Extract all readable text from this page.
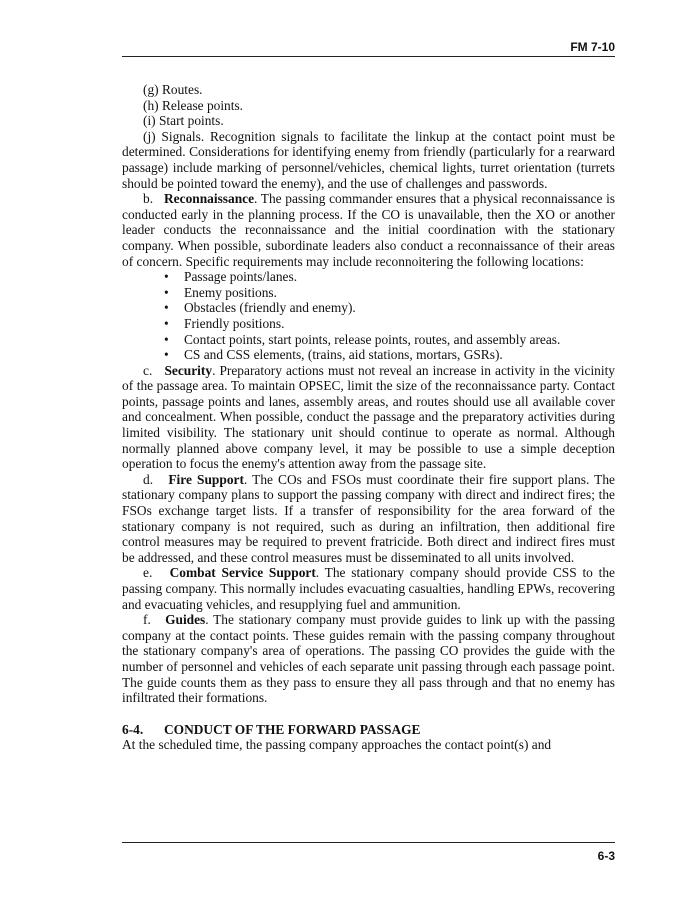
FM 7-10

(g) Routes.

(h) Release points.

(i) Start points.

(j) Signals. Recognition signals to facilitate the linkup at the contact point must be determined. Considerations for identifying enemy from friendly (particularly for a rearward passage) include marking of personnel/vehicles, chemical lights, turret orientation (turrets should be pointed toward the enemy), and the use of challenges and passwords.

b. Reconnaissance. The passing commander ensures that a physical reconnaissance is conducted early in the planning process. If the CO is unavailable, then the XO or another leader conducts the reconnaissance and the initial coordination with the stationary company. When possible, subordinate leaders also conduct a reconnaissance of their areas of concern. Specific requirements may include reconnoitering the following locations:

• Passage points/lanes.
• Enemy positions.
• Obstacles (friendly and enemy).
• Friendly positions.
• Contact points, start points, release points, routes, and assembly areas.
• CS and CSS elements, (trains, aid stations, mortars, GSRs).

c. Security. Preparatory actions must not reveal an increase in activity in the vicinity of the passage area. To maintain OPSEC, limit the size of the reconnaissance party. Contact points, passage points and lanes, assembly areas, and routes should use all available cover and concealment. When possible, conduct the passage and the preparatory activities during limited visibility. The stationary unit should continue to operate as normal. Although normally planned above company level, it may be possible to use a simple deception operation to focus the enemy's attention away from the passage site.

d. Fire Support. The COs and FSOs must coordinate their fire support plans. The stationary company plans to support the passing company with direct and indirect fires; the FSOs exchange target lists. If a transfer of responsibility for the area forward of the stationary company is not required, such as during an infiltration, then additional fire control measures may be required to prevent fratricide. Both direct and indirect fires must be addressed, and these control measures must be disseminated to all units involved.

e. Combat Service Support. The stationary company should provide CSS to the passing company. This normally includes evacuating casualties, handling EPWs, recovering and evacuating vehicles, and resupplying fuel and ammunition.

f. Guides. The stationary company must provide guides to link up with the passing company at the contact points. These guides remain with the passing company throughout the stationary company's area of operations. The passing CO provides the guide with the number of personnel and vehicles of each separate unit passing through each passage point. The guide counts them as they pass to ensure they all pass through and that no enemy has infiltrated their formations.

6-4. CONDUCT OF THE FORWARD PASSAGE

At the scheduled time, the passing company approaches the contact point(s) and

6-3
